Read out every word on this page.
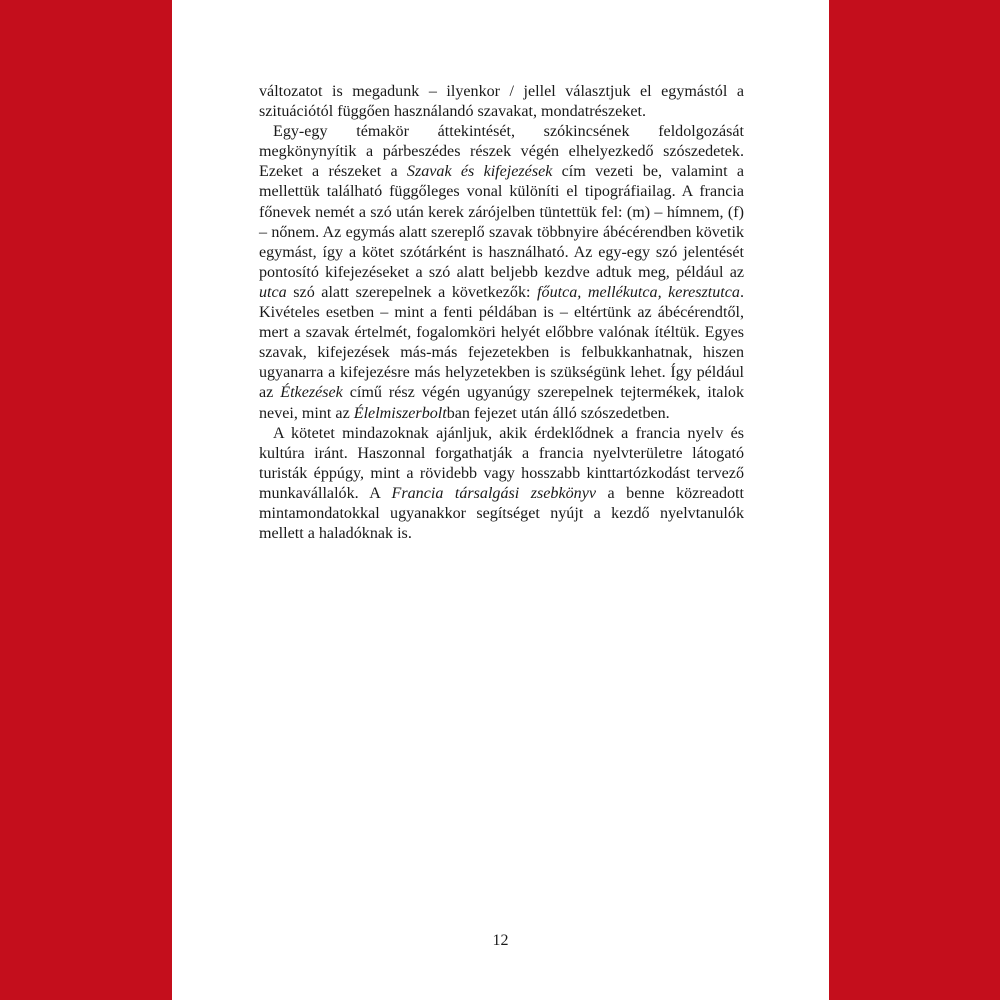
változatot is megadunk – ilyenkor / jellel választjuk el egymástól a szituációtól függően használandó szavakat, mondatrészeket.

Egy-egy témakör áttekintését, szókincsének feldolgozását megkönynyítik a párbeszédes részek végén elhelyezkedő szószedetek. Ezeket a részeket a Szavak és kifejezések cím vezeti be, valamint a mellettük található függőleges vonal különíti el tipográfiailag. A francia főnevek nemét a szó után kerek zárójelben tüntettük fel: (m) – hímnem, (f) – nőnem. Az egymás alatt szereplő szavak többnyire ábécérendben követik egymást, így a kötet szótárként is használható. Az egy-egy szó jelentését pontosító kifejezéseket a szó alatt beljebb kezdve adtuk meg, például az utca szó alatt szerepelnek a következők: főutca, mellékutca, keresztutca. Kivételes esetben – mint a fenti példában is – eltértünk az ábécérendtől, mert a szavak értelmét, fogalomköri helyét előbbre valónak ítéltük. Egyes szavak, kifejezések más-más fejezetekben is felbukkanhatnak, hiszen ugyanarra a kifejezésre más helyzetekben is szükségünk lehet. Így például az Étkezések című rész végén ugyanúgy szerepelnek tejtermékek, italok nevei, mint az Élelmiszerboltban fejezet után álló szószedetben.

A kötetet mindazoknak ajánljuk, akik érdeklődnek a francia nyelv és kultúra iránt. Haszonnal forgathatják a francia nyelvterületre látogató turisták éppúgy, mint a rövidebb vagy hosszabb kinttartózkodást tervező munkavállalók. A Francia társalgási zsebkönyv a benne közreadott mintamondatokkal ugyanakkor segítséget nyújt a kezdő nyelvtanulók mellett a haladóknak is.

12
